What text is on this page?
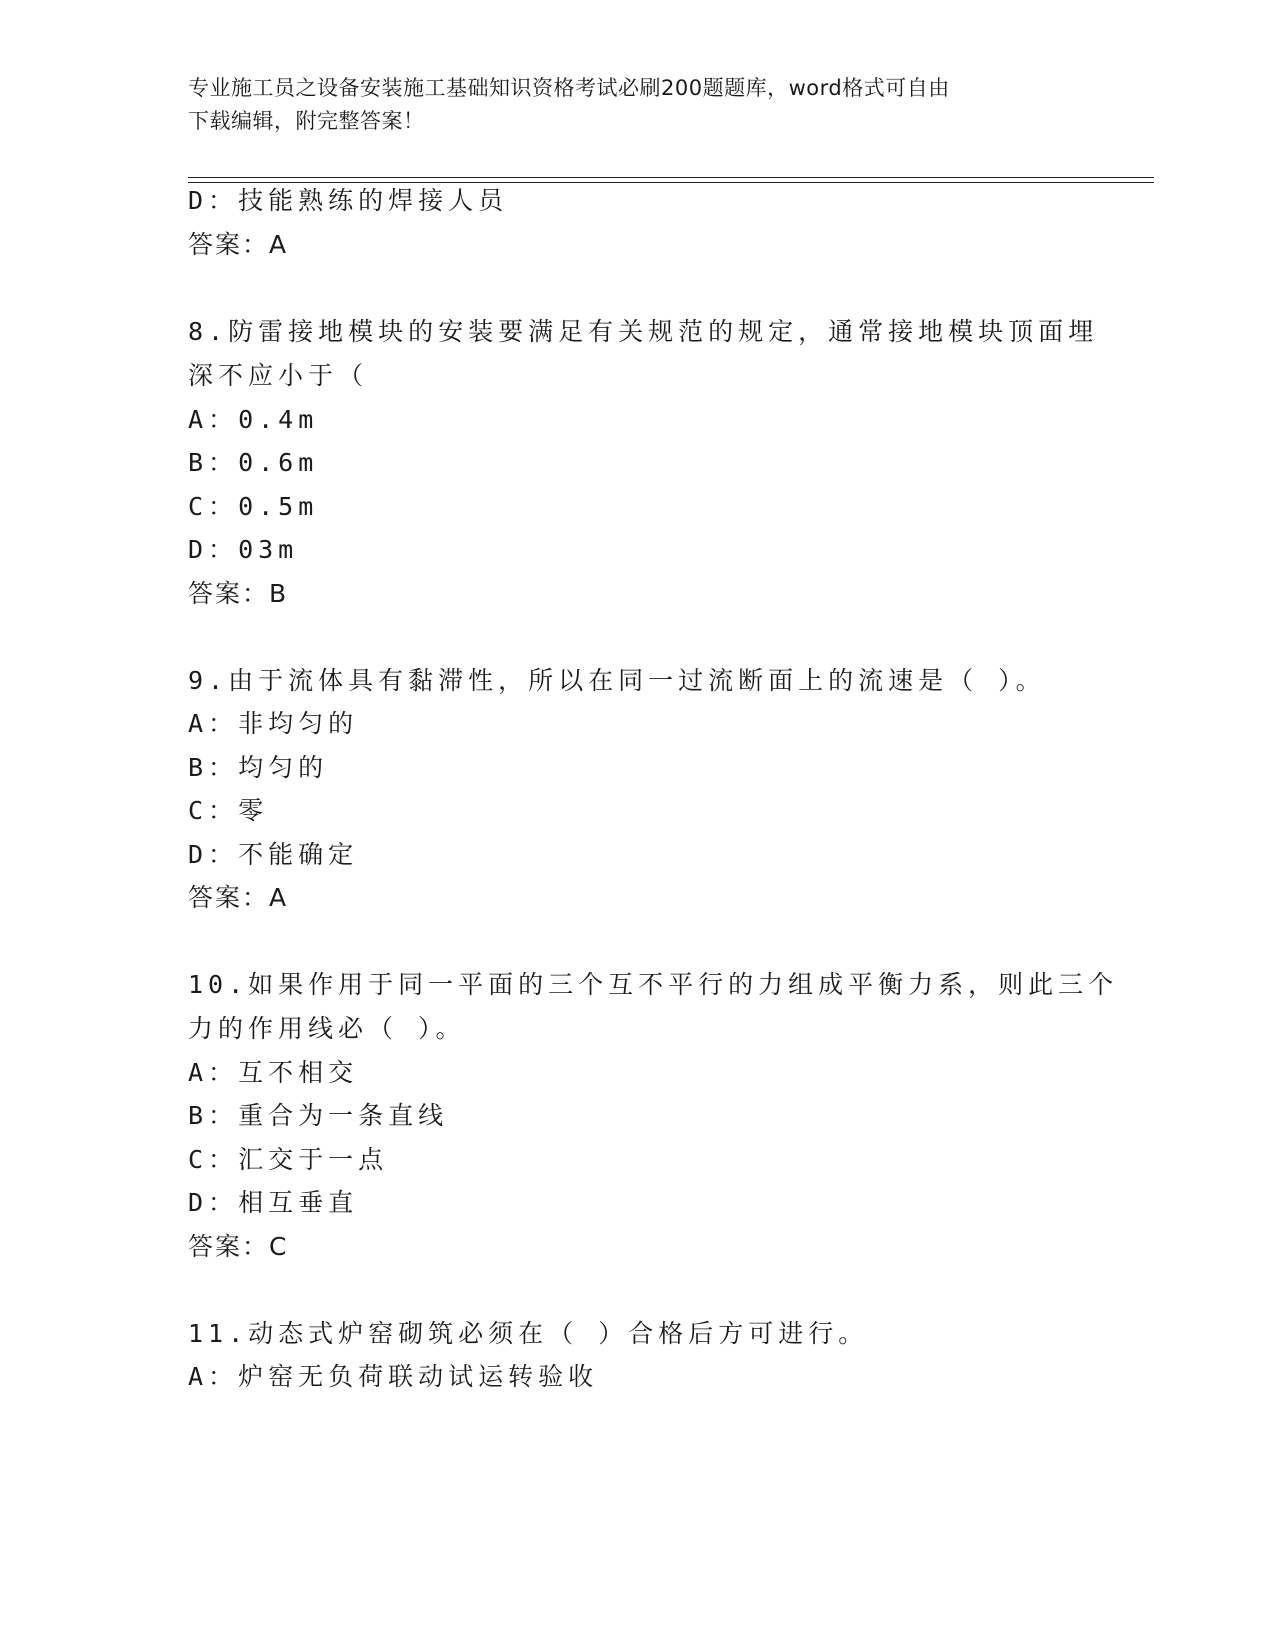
专业施工员之设备安装施工基础知识资格考试必刷200题题库，word格式可自由
下载编辑，附完整答案！
D：技能熟练的焊接人员
答案：A
8.防雷接地模块的安装要满足有关规范的规定，通常接地模块顶面埋
深不应小于（
A：0.4m
B：0.6m
C：0.5m
D：03m
答案：B
9.由于流体具有黏滞性，所以在同一过流断面上的流速是（ ）。
A：非均匀的
B：均匀的
C：零
D：不能确定
答案：A
10.如果作用于同一平面的三个互不平行的力组成平衡力系，则此三个
力的作用线必（ ）。
A：互不相交
B：重合为一条直线
C：汇交于一点
D：相互垂直
答案：C
11.动态式炉窑砌筑必须在（ ）合格后方可进行。
A：炉窑无负荷联动试运转验收
